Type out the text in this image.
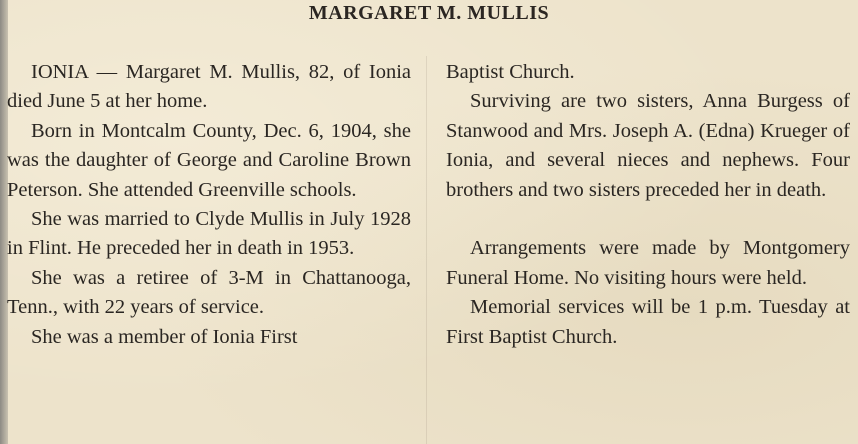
MARGARET M. MULLIS

IONIA — Margaret M. Mullis, 82, of Ionia died June 5 at her home.

Born in Montcalm County, Dec. 6, 1904, she was the daughter of George and Caroline Brown Peterson. She attended Greenville schools.

She was married to Clyde Mullis in July 1928 in Flint. He preceded her in death in 1953.

She was a retiree of 3-M in Chattanooga, Tenn., with 22 years of service.

She was a member of Ionia First

Baptist Church.

Surviving are two sisters, Anna Burgess of Stanwood and Mrs. Joseph A. (Edna) Krueger of Ionia, and several nieces and nephews. Four brothers and two sisters preceded her in death.

Arrangements were made by Montgomery Funeral Home. No visiting hours were held.

Memorial services will be 1 p.m. Tuesday at First Baptist Church.
